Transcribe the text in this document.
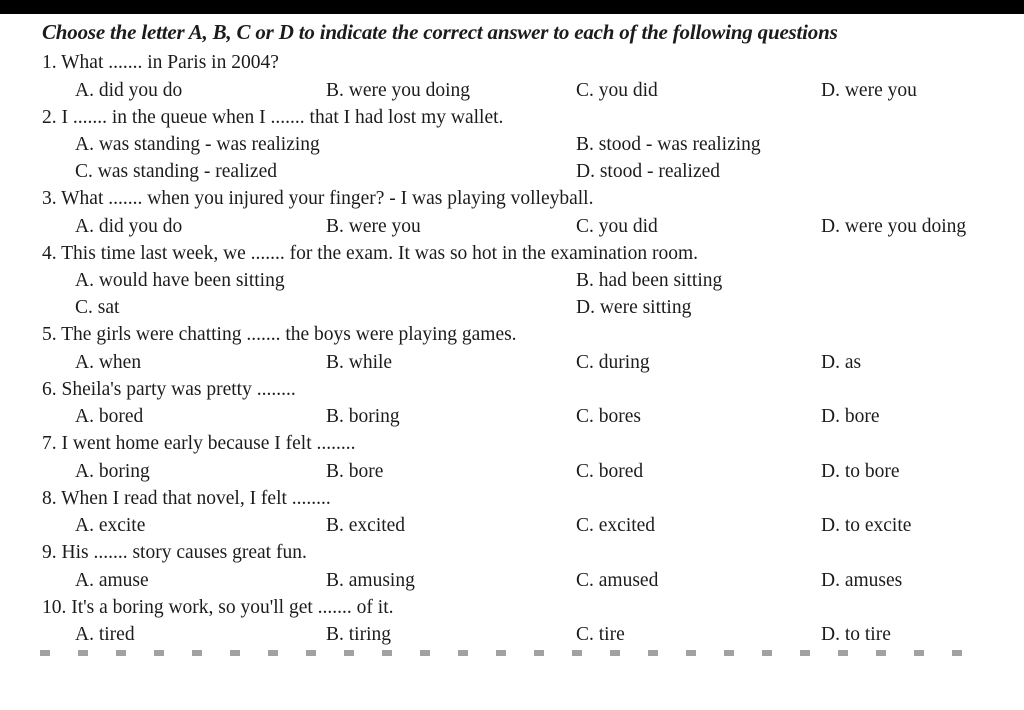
Choose the letter A, B, C or D to indicate the correct answer to each of the following questions
1. What ....... in Paris in 2004?
A. did you do	B. were you doing	C. you did	D. were you
2. I ....... in the queue when I ....... that I had lost my wallet.
A. was standing - was realizing	B. stood - was realizing
C. was standing - realized	D. stood - realized
3. What ....... when you injured your finger? - I was playing volleyball.
A. did you do	B. were you	C. you did	D. were you doing
4. This time last week, we ....... for the exam. It was so hot in the examination room.
A. would have been sitting	B. had been sitting
C. sat	D. were sitting
5. The girls were chatting ....... the boys were playing games.
A. when	B. while	C. during	D. as
6. Sheila's party was pretty ........
A. bored	B. boring	C. bores	D. bore
7. I went home early because I felt ........
A. boring	B. bore	C. bored	D. to bore
8. When I read that novel, I felt ........
A. excite	B. excited	C. excited	D. to excite
9. His ....... story causes great fun.
A. amuse	B. amusing	C. amused	D. amuses
10. It's a boring work, so you'll get ....... of it.
A. tired	B. tiring	C. tire	D. to tire
